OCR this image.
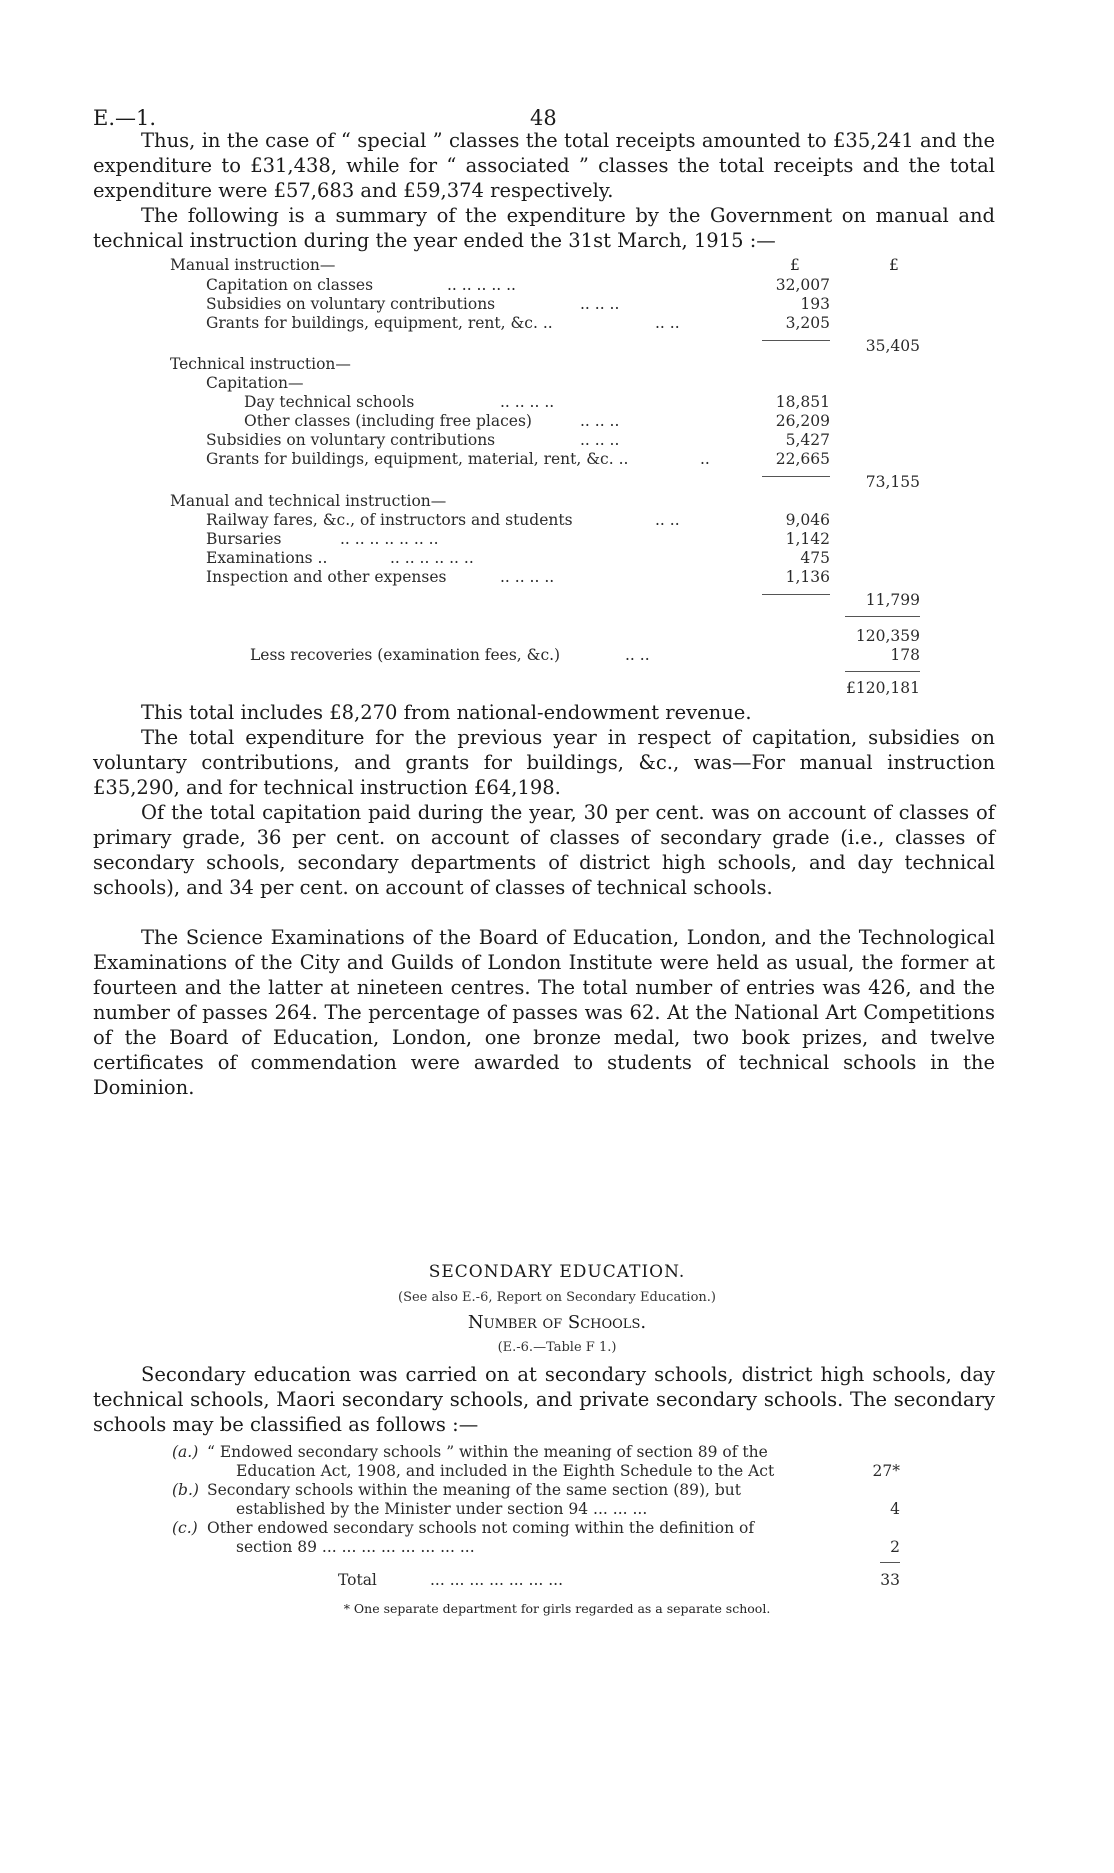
E.—1.	48

Thus, in the case of “ special ” classes the total receipts amounted to £35,241 and the expenditure to £31,438, while for “ associated ” classes the total receipts and the total expenditure were £57,683 and £59,374 respectively.

The following is a summary of the expenditure by the Government on manual and technical instruction during the year ended the 31st March, 1915 :—

Manual instruction—	£	£
Capitation on classes	.. .. .. .. ..	32,007
Subsidies on voluntary contributions	.. .. ..	193
Grants for buildings, equipment, rent, &c. ..	.. ..	3,205
35,405
Technical instruction—
Capitation—
Day technical schools	.. .. .. ..	18,851
Other classes (including free places)	.. .. ..	26,209
Subsidies on voluntary contributions	.. .. ..	5,427
Grants for buildings, equipment, material, rent, &c. ..	..	22,665
73,155
Manual and technical instruction—
Railway fares, &c., of instructors and students	.. ..	9,046
Bursaries	.. .. .. .. .. .. ..	1,142
Examinations ..	.. .. .. .. .. ..	475
Inspection and other expenses	.. .. .. ..	1,136
11,799
120,359
Less recoveries (examination fees, &c.)	.. ..	178
£120,181

This total includes £8,270 from national-endowment revenue.

The total expenditure for the previous year in respect of capitation, subsidies on voluntary contributions, and grants for buildings, &c., was—For manual instruction £35,290, and for technical instruction £64,198.

Of the total capitation paid during the year, 30 per cent. was on account of classes of primary grade, 36 per cent. on account of classes of secondary grade (i.e., classes of secondary schools, secondary departments of district high schools, and day technical schools), and 34 per cent. on account of classes of technical schools.

The Science Examinations of the Board of Education, London, and the Technological Examinations of the City and Guilds of London Institute were held as usual, the former at fourteen and the latter at nineteen centres. The total number of entries was 426, and the number of passes 264. The percentage of passes was 62. At the National Art Competitions of the Board of Education, London, one bronze medal, two book prizes, and twelve certificates of commendation were awarded to students of technical schools in the Dominion.

SECONDARY EDUCATION.
(See also E.-6, Report on Secondary Education.)
Number of Schools.
(E.-6.—Table F 1.)

Secondary education was carried on at secondary schools, district high schools, day technical schools, Maori secondary schools, and private secondary schools. The secondary schools may be classified as follows :—

(a.) “ Endowed secondary schools ” within the meaning of section 89 of the
Education Act, 1908, and included in the Eighth Schedule to the Act	27*
(b.) Secondary schools within the meaning of the same section (89), but
established by the Minister under section 94 ... ... ...	4
(c.) Other endowed secondary schools not coming within the definition of
section 89 ... ... ... ... ... ... ... ...	2
Total	... ... ... ... ... ... ...	33
* One separate department for girls regarded as a separate school.
